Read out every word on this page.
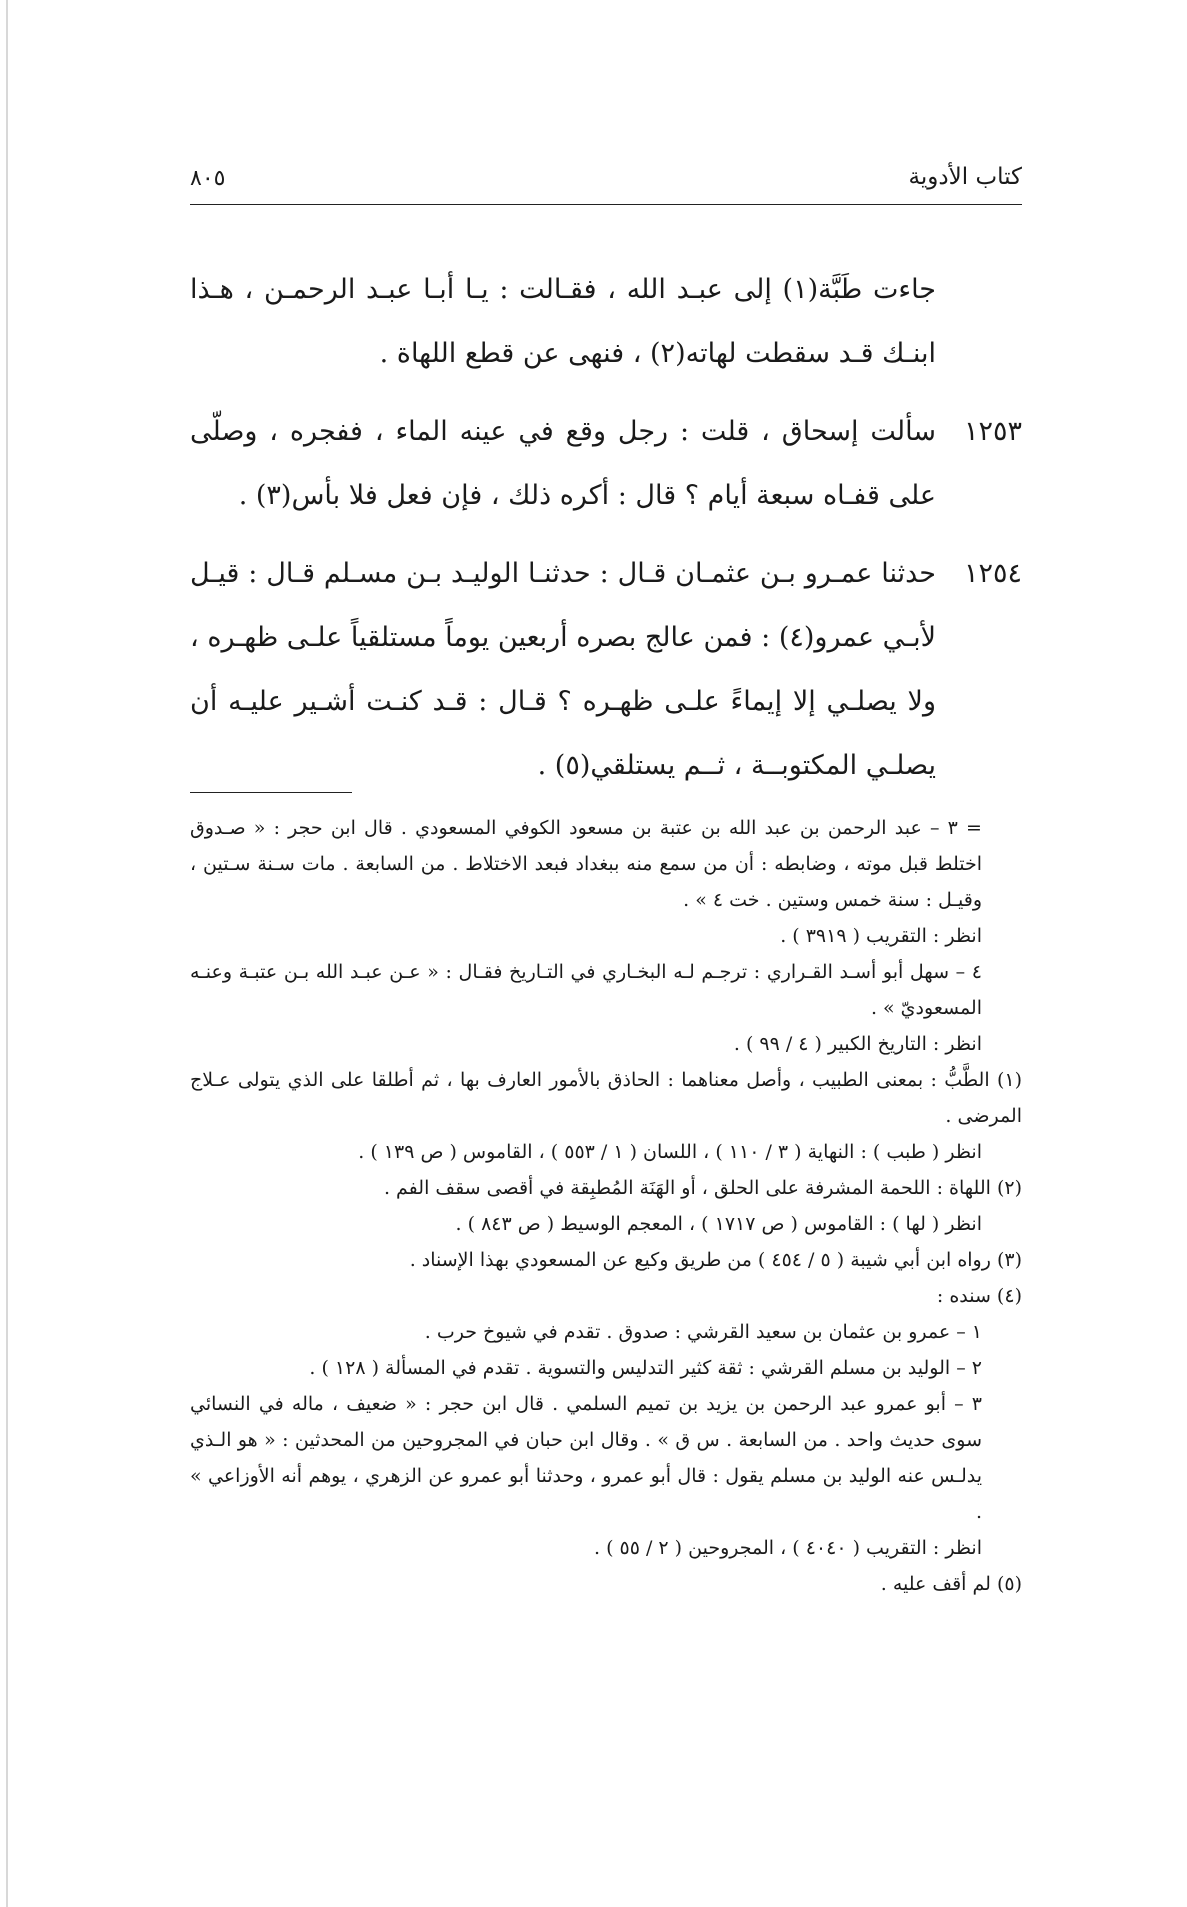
كتاب الأدوية
٨٠٥
جاءت طَبَّة(١) إلى عبـد الله ، فقـالت : يـا أبـا عبـد الرحمـن ، هـذا ابنـك قـد سقطت لهاته(٢) ، فنهى عن قطع اللهاة .
١٢٥٣
سألت إسحاق ، قلت : رجل وقع في عينه الماء ، ففجره ، وصلّى على قفـاه سبعة أيام ؟ قال : أكره ذلك ، فإن فعل فلا بأس(٣) .
١٢٥٤
حدثنا عمـرو بـن عثمـان قـال : حدثنـا الوليـد بـن مسـلم قـال : قيـل لأبـي عمرو(٤) : فمن عالج بصره أربعين يوماً مستلقياً علـى ظهـره ، ولا يصلـي إلا إيماءً علـى ظهـره ؟ قـال : قـد كنـت أشـير عليـه أن يصلـي المكتوبــة ، ثــم يستلقي(٥) .
= ٣ – عبد الرحمن بن عبد الله بن عتبة بن مسعود الكوفي المسعودي . قال ابن حجر : « صـدوق اختلط قبل موته ، وضابطه : أن من سمع منه ببغداد فبعد الاختلاط . من السابعة . مات سـنة سـتين ، وقيـل : سنة خمس وستين . خت ٤ » .
انظر : التقريب ( ٣٩١٩ ) .
٤ – سهل أبو أسـد القـراري : ترجـم لـه البخـاري في التـاريخ فقـال : « عـن عبـد الله بـن عتبـة وعنـه المسعوديّ » .
انظر : التاريخ الكبير ( ٤ / ٩٩ ) .
(١) الطَّبُّ : بمعنى الطبيب ، وأصل معناهما : الحاذق بالأمور العارف بها ، ثم أطلقا على الذي يتولى عـلاج المرضى .
انظر ( طبب ) : النهاية ( ٣ / ١١٠ ) ، اللسان ( ١ / ٥٥٣ ) ، القاموس ( ص ١٣٩ ) .
(٢) اللهاة : اللحمة المشرفة على الحلق ، أو الهَنَة المُطبِقة في أقصى سقف الفم .
انظر ( لها ) : القاموس ( ص ١٧١٧ ) ، المعجم الوسيط ( ص ٨٤٣ ) .
(٣) رواه ابن أبي شيبة ( ٥ / ٤٥٤ ) من طريق وكيع عن المسعودي بهذا الإسناد .
(٤) سنده :
١ – عمرو بن عثمان بن سعيد القرشي : صدوق . تقدم في شيوخ حرب .
٢ – الوليد بن مسلم القرشي : ثقة كثير التدليس والتسوية . تقدم في المسألة ( ١٢٨ ) .
٣ – أبو عمرو عبد الرحمن بن يزيد بن تميم السلمي . قال ابن حجر : « ضعيف ، ماله في النسائي سوى حديث واحد . من السابعة . س ق » . وقال ابن حبان في المجروحين من المحدثين : « هو الـذي يدلـس عنه الوليد بن مسلم يقول : قال أبو عمرو ، وحدثنا أبو عمرو عن الزهري ، يوهم أنه الأوزاعي » .
انظر : التقريب ( ٤٠٤٠ ) ، المجروحين ( ٢ / ٥٥ ) .
(٥) لم أقف عليه .
